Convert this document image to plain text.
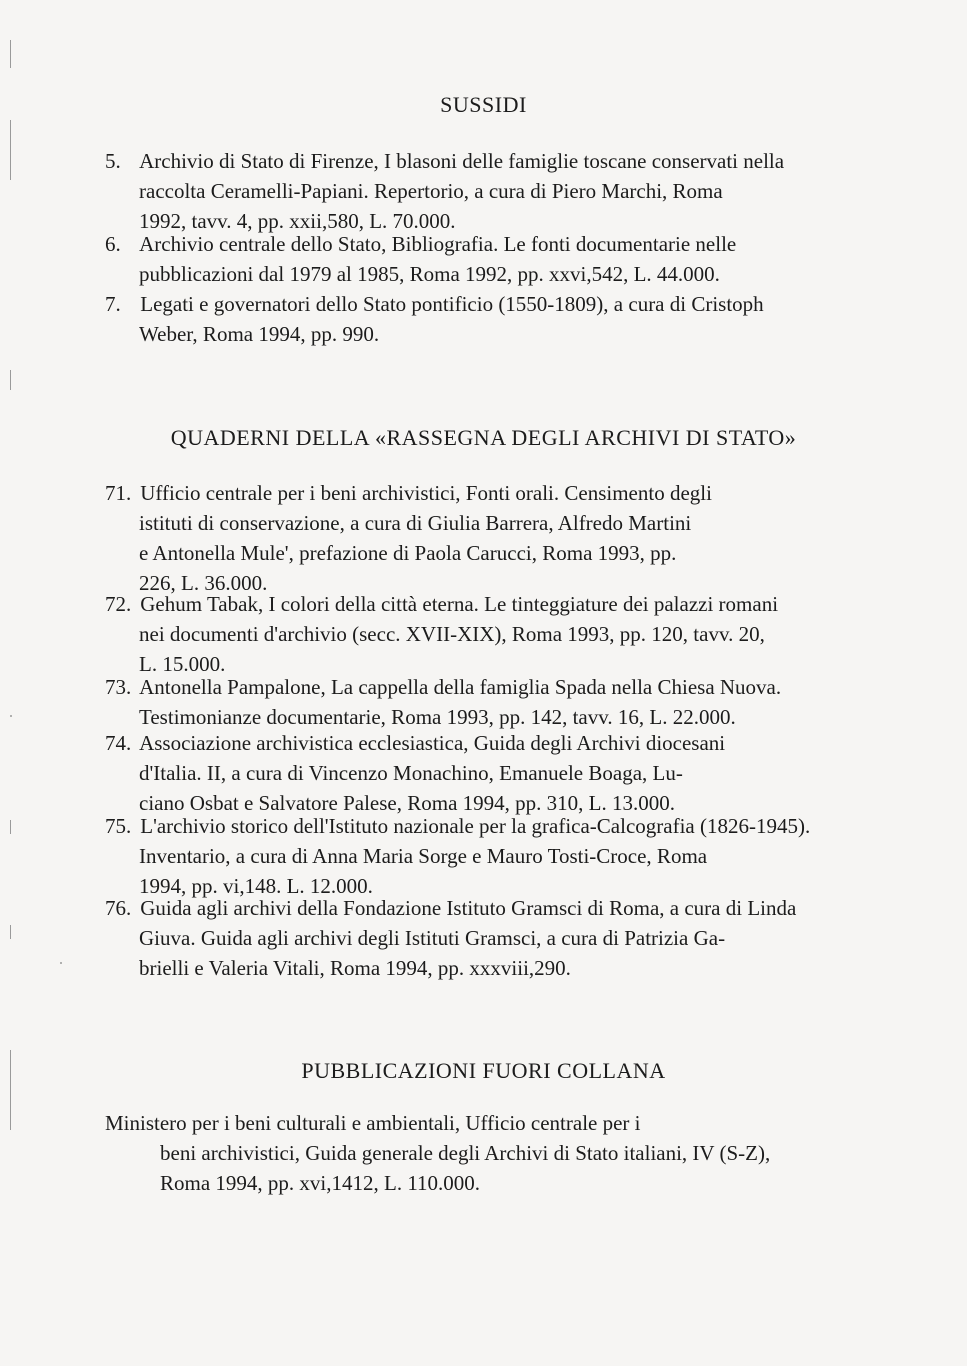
SUSSIDI
5. Archivio di Stato di Firenze, I blasoni delle famiglie toscane conservati nella
raccolta Ceramelli-Papiani. Repertorio, a cura di Piero Marchi, Roma
1992, tavv. 4, pp. xxii,580, L. 70.000.
6. Archivio centrale dello Stato, Bibliografia. Le fonti documentarie nelle
pubblicazioni dal 1979 al 1985, Roma 1992, pp. xxvi,542, L. 44.000.
7. Legati e governatori dello Stato pontificio (1550-1809), a cura di Cristoph
Weber, Roma 1994, pp. 990.
QUADERNI DELLA «RASSEGNA DEGLI ARCHIVI DI STATO»
71. Ufficio centrale per i beni archivistici, Fonti orali. Censimento degli
istituti di conservazione, a cura di Giulia Barrera, Alfredo Martini
e Antonella Mule', prefazione di Paola Carucci, Roma 1993, pp.
226, L. 36.000.
72. Gehum Tabak, I colori della città eterna. Le tinteggiature dei palazzi romani
nei documenti d'archivio (secc. XVII-XIX), Roma 1993, pp. 120, tavv. 20,
L. 15.000.
73. Antonella Pampalone, La cappella della famiglia Spada nella Chiesa Nuova.
Testimonianze documentarie, Roma 1993, pp. 142, tavv. 16, L. 22.000.
74. Associazione archivistica ecclesiastica, Guida degli Archivi diocesani
d'Italia. II, a cura di Vincenzo Monachino, Emanuele Boaga, Lu-
ciano Osbat e Salvatore Palese, Roma 1994, pp. 310, L. 13.000.
75. L'archivio storico dell'Istituto nazionale per la grafica-Calcografia (1826-1945).
Inventario, a cura di Anna Maria Sorge e Mauro Tosti-Croce, Roma
1994, pp. vi,148. L. 12.000.
76. Guida agli archivi della Fondazione Istituto Gramsci di Roma, a cura di Linda
Giuva. Guida agli archivi degli Istituti Gramsci, a cura di Patrizia Ga-
brielli e Valeria Vitali, Roma 1994, pp. xxxviii,290.
PUBBLICAZIONI FUORI COLLANA
Ministero per i beni culturali e ambientali, Ufficio centrale per i
beni archivistici, Guida generale degli Archivi di Stato italiani, IV (S-Z),
Roma 1994, pp. xvi,1412, L. 110.000.
